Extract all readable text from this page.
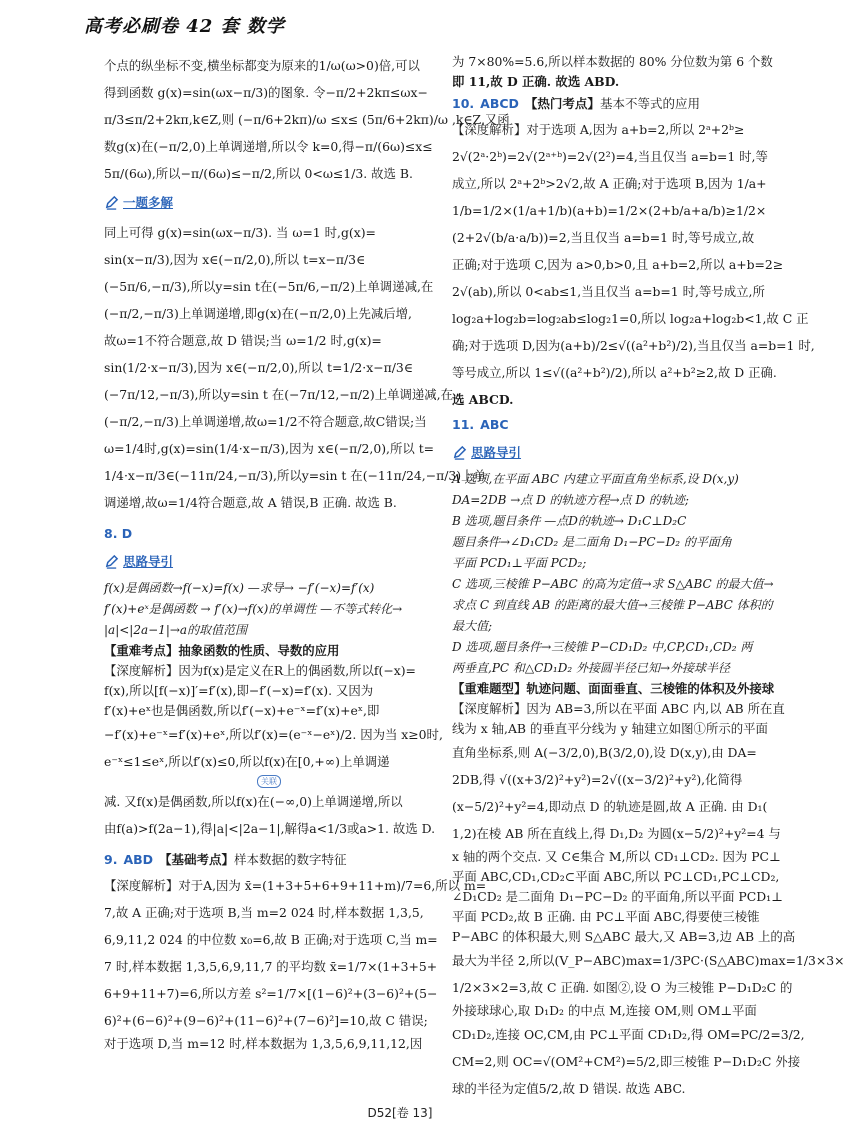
高考必刷卷 42 套 数学
个点的纵坐标不变,横坐标都变为原来的1/ω(ω>0)倍,可以
得到函数 g(x)=sin(ωx−π/3)的图象. 令−π/2+2kπ≤ωx−
π/3≤π/2+2kπ,k∈Z,则 (−π/6+2kπ)/ω ≤x≤ (5π/6+2kπ)/ω ,k∈Z,又函
数g(x)在(−π/2,0)上单调递增,所以令 k=0,得−π/(6ω)≤x≤
5π/(6ω),所以−π/(6ω)≤−π/2,所以 0<ω≤1/3. 故选 B.
一题多解
同上可得 g(x)=sin(ωx−π/3). 当 ω=1 时,g(x)=
sin(x−π/3),因为 x∈(−π/2,0),所以 t=x−π/3∈
(−5π/6,−π/3),所以y=sin t在(−5π/6,−π/2)上单调递减,在
(−π/2,−π/3)上单调递增,即g(x)在(−π/2,0)上先减后增,
故ω=1不符合题意,故 D 错误;当 ω=1/2 时,g(x)=
sin(1/2·x−π/3),因为 x∈(−π/2,0),所以 t=1/2·x−π/3∈
(−7π/12,−π/3),所以y=sin t 在(−7π/12,−π/2)上单调递减,在
(−π/2,−π/3)上单调递增,故ω=1/2不符合题意,故C错误;当
ω=1/4时,g(x)=sin(1/4·x−π/3),因为 x∈(−π/2,0),所以 t=
1/4·x−π/3∈(−11π/24,−π/3),所以y=sin t 在(−11π/24,−π/3)上单
调递增,故ω=1/4符合题意,故 A 错误,B 正确. 故选 B.
8. D
思路导引
f(x)是偶函数→f(−x)=f(x) —求导→ −f′(−x)=f′(x)
f′(x)+eˣ是偶函数 → f′(x)→f(x)的单调性 —不等式转化→
|a|<|2a−1|→a的取值范围
【重难考点】抽象函数的性质、导数的应用
【深度解析】因为f(x)是定义在R上的偶函数,所以f(−x)=
f(x),所以[f(−x)]′=f′(x),即−f′(−x)=f′(x). 又因为
f′(x)+eˣ也是偶函数,所以f′(−x)+e⁻ˣ=f′(x)+eˣ,即
−f′(x)+e⁻ˣ=f′(x)+eˣ,所以f′(x)=(e⁻ˣ−eˣ)/2. 因为当 x≥0时,
e⁻ˣ≤1≤eˣ,所以f′(x)≤0,所以f(x)在[0,+∞)上单调递
关联
减. 又f(x)是偶函数,所以f(x)在(−∞,0)上单调递增,所以
由f(a)>f(2a−1),得|a|<|2a−1|,解得a<1/3或a>1. 故选 D.
9. ABD 【基础考点】样本数据的数字特征
【深度解析】对于A,因为 x̄=(1+3+5+6+9+11+m)/7=6,所以 m=
7,故 A 正确;对于选项 B,当 m=2 024 时,样本数据 1,3,5,
6,9,11,2 024 的中位数 x₀=6,故 B 正确;对于选项 C,当 m=
7 时,样本数据 1,3,5,6,9,11,7 的平均数 x̄=1/7×(1+3+5+
6+9+11+7)=6,所以方差 s²=1/7×[(1−6)²+(3−6)²+(5−
6)²+(6−6)²+(9−6)²+(11−6)²+(7−6)²]=10,故 C 错误;
对于选项 D,当 m=12 时,样本数据为 1,3,5,6,9,11,12,因
为 7×80%=5.6,所以样本数据的 80% 分位数为第 6 个数
即 11,故 D 正确. 故选 ABD.
10. ABCD 【热门考点】基本不等式的应用
【深度解析】对于选项 A,因为 a+b=2,所以 2ᵃ+2ᵇ≥
2√(2ᵃ·2ᵇ)=2√(2ᵃ⁺ᵇ)=2√(2²)=4,当且仅当 a=b=1 时,等
成立,所以 2ᵃ+2ᵇ>2√2,故 A 正确;对于选项 B,因为 1/a+
1/b=1/2×(1/a+1/b)(a+b)=1/2×(2+b/a+a/b)≥1/2×
(2+2√(b/a·a/b))=2,当且仅当 a=b=1 时,等号成立,故
正确;对于选项 C,因为 a>0,b>0,且 a+b=2,所以 a+b=2≥
2√(ab),所以 0<ab≤1,当且仅当 a=b=1 时,等号成立,所
log₂a+log₂b=log₂ab≤log₂1=0,所以 log₂a+log₂b<1,故 C 正
确;对于选项 D,因为(a+b)/2≤√((a²+b²)/2),当且仅当 a=b=1 时,
等号成立,所以 1≤√((a²+b²)/2),所以 a²+b²≥2,故 D 正确.
选 ABCD.
11. ABC
思路导引
A 选项,在平面 ABC 内建立平面直角坐标系,设 D(x,y)
DA=2DB →点 D 的轨迹方程→点 D 的轨迹;
B 选项,题目条件 —点D的轨迹→ D₁C⊥D₂C
题目条件→∠D₁CD₂ 是二面角 D₁−PC−D₂ 的平面角
平面 PCD₁⊥平面 PCD₂;
C 选项,三棱锥 P−ABC 的高为定值→求 S△ABC 的最大值→
求点 C 到直线 AB 的距离的最大值→三棱锥 P−ABC 体积的
最大值;
D 选项,题目条件→三棱锥 P−CD₁D₂ 中,CP,CD₁,CD₂ 两
两垂直,PC 和△CD₁D₂ 外接圆半径已知→外接球半径
【重难题型】轨迹问题、面面垂直、三棱锥的体积及外接球
【深度解析】因为 AB=3,所以在平面 ABC 内,以 AB 所在直
线为 x 轴,AB 的垂直平分线为 y 轴建立如图①所示的平面
直角坐标系,则 A(−3/2,0),B(3/2,0),设 D(x,y),由 DA=
2DB,得 √((x+3/2)²+y²)=2√((x−3/2)²+y²),化简得
(x−5/2)²+y²=4,即动点 D 的轨迹是圆,故 A 正确. 由 D₁(
1,2)在棱 AB 所在直线上,得 D₁,D₂ 为圆(x−5/2)²+y²=4 与
x 轴的两个交点. 又 C∈集合 M,所以 CD₁⊥CD₂. 因为 PC⊥
平面 ABC,CD₁,CD₂⊂平面 ABC,所以 PC⊥CD₁,PC⊥CD₂,
∠D₁CD₂ 是二面角 D₁−PC−D₂ 的平面角,所以平面 PCD₁⊥
平面 PCD₂,故 B 正确. 由 PC⊥平面 ABC,得要使三棱锥
P−ABC 的体积最大,则 S△ABC 最大,又 AB=3,边 AB 上的高
最大为半径 2,所以(V_P−ABC)max=1/3PC·(S△ABC)max=1/3×3×
1/2×3×2=3,故 C 正确. 如图②,设 O 为三棱锥 P−D₁D₂C 的
外接球球心,取 D₁D₂ 的中点 M,连接 OM,则 OM⊥平面
CD₁D₂,连接 OC,CM,由 PC⊥平面 CD₁D₂,得 OM=PC/2=3/2,
CM=2,则 OC=√(OM²+CM²)=5/2,即三棱锥 P−D₁D₂C 外接
球的半径为定值5/2,故 D 错误. 故选 ABC.
D52[卷 13]
